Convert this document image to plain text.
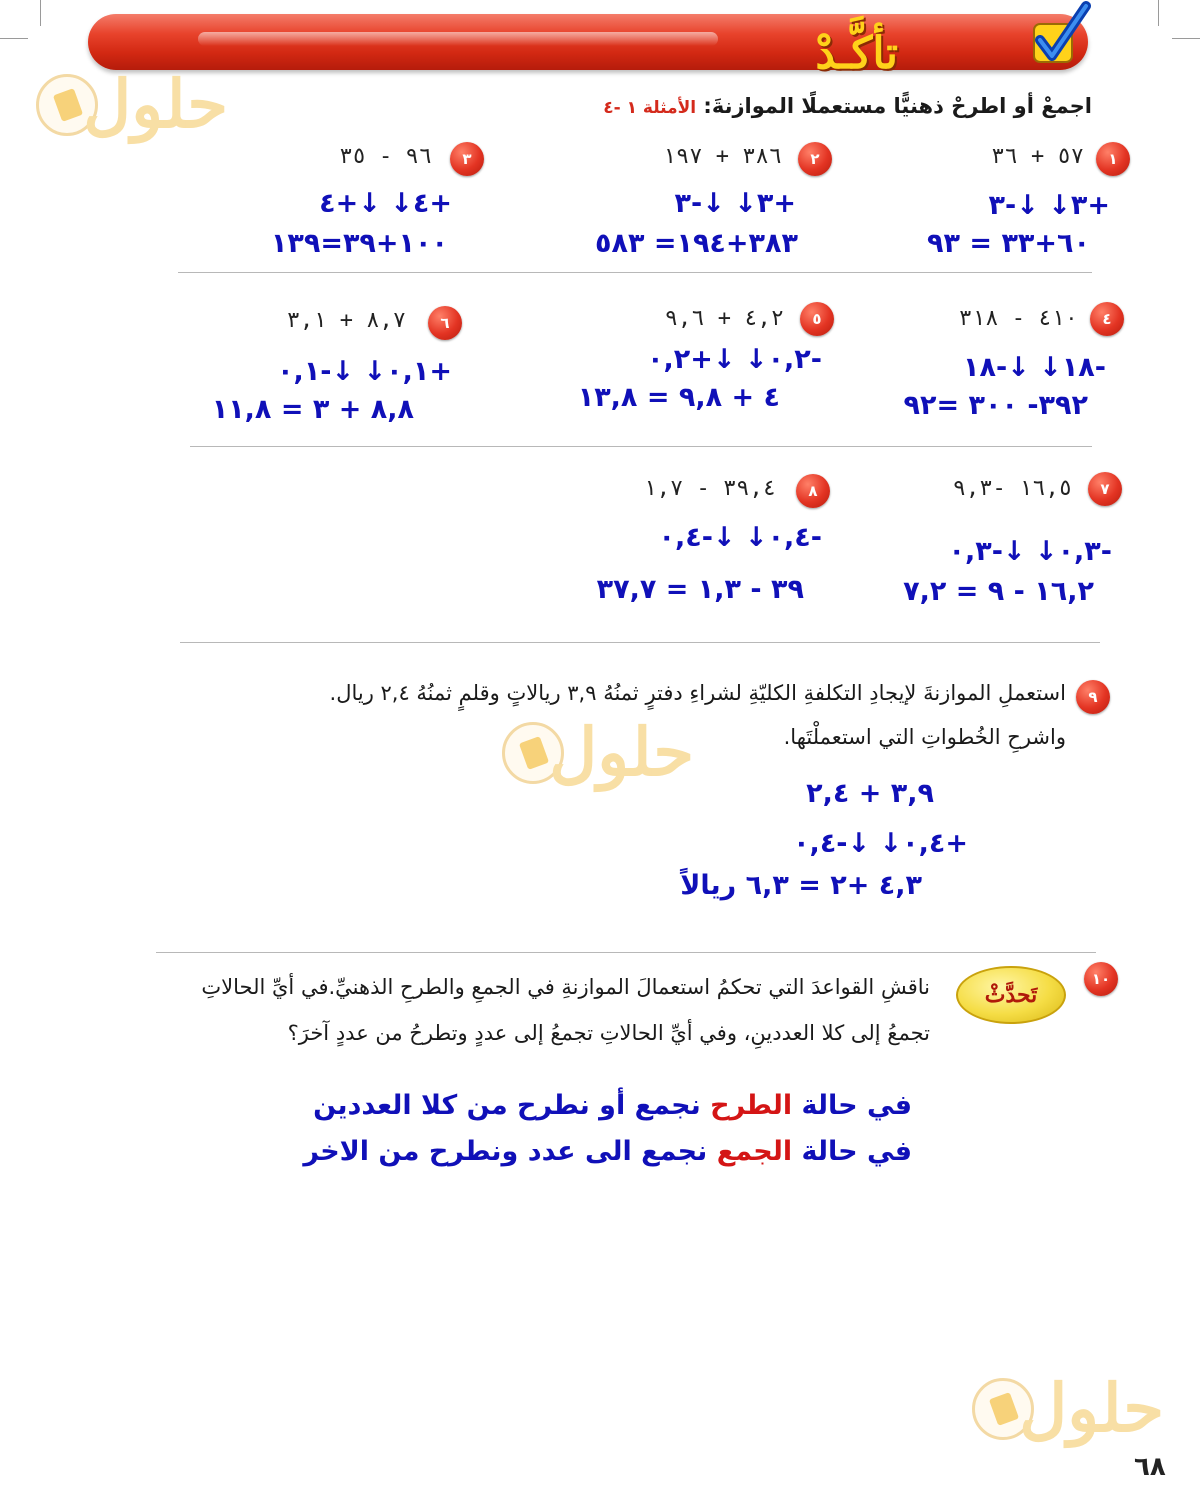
تأكَّـدْ
حلول
حلول
حلول
اجمعْ أو اطرحْ ذهنيًّا مستعملًا الموازنةَ: الأمثلة ١ -٤
١
٥٧ + ٣٦
+٣↓ ↓-٣
٦٠+٣٣ = ٩٣
٢
٣٨٦ + ١٩٧
+٣↓ ↓-٣
٣٨٣+١٩٤= ٥٨٣
٣
٩٦ - ٣٥
+٤↓ ↓+٤
١٠٠+٣٩=١٣٩
٤
٤١٠ - ٣١٨
-١٨↓ ↓-١٨
٣٩٢- ٣٠٠ =٩٢
٥
٤,٢ + ٩,٦
-٠,٢↓ ↓+٠,٢
٤ + ٩,٨ = ١٣,٨
٦
٨,٧ + ٣,١
+٠,١↓ ↓-٠,١
٨,٨ + ٣ = ١١,٨
٧
١٦,٥ -٩,٣
-٠,٣↓ ↓-٠,٣
١٦,٢ - ٩ = ٧,٢
٨
٣٩,٤ - ١,٧
-٠,٤↓ ↓-٠,٤
٣٩ - ١,٣ = ٣٧,٧
٩
استعملِ الموازنةَ لإيجادِ التكلفةِ الكليّةِ لشراءِ دفترٍ ثمنُهُ ٣,٩ ريالاتٍ وقلمٍ ثمنُهُ ٢,٤ ريال.
واشرحِ الخُطواتِ التي استعملْتَها.
٣,٩ + ٢,٤
+٠,٤↓ ↓-٠,٤
٤,٣ +٢ = ٦,٣ ريالاً
١٠
تَحدَّثْ
ناقشِ القواعدَ التي تحكمُ استعمالَ الموازنةِ في الجمعِ والطرحِ الذهنيِّ.في أيِّ الحالاتِ
تجمعُ إلى كلا العددينِ، وفي أيِّ الحالاتِ تجمعُ إلى عددٍ وتطرحُ من عددٍ آخرَ؟
في حالة الطرح نجمع أو نطرح من كلا العددين
في حالة الجمع نجمع الى عدد ونطرح من الاخر
٦٨
